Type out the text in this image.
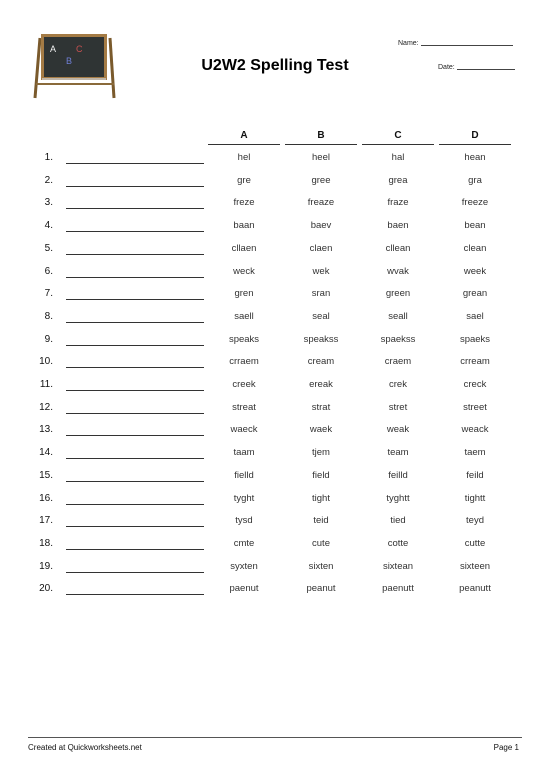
A
B
C
U2W2 Spelling Test
Name:
Date:
A	B	C	D
1.	hel	heel	hal	hean
2.	gre	gree	grea	gra
3.	freze	freaze	fraze	freeze
4.	baan	baev	baen	bean
5.	cllaen	claen	cllean	clean
6.	weck	wek	wvak	week
7.	gren	sran	green	grean
8.	saell	seal	seall	sael
9.	speaks	speakss	spaekss	spaeks
10.	crraem	cream	craem	crream
11.	creek	ereak	crek	creck
12.	streat	strat	stret	street
13.	waeck	waek	weak	weack
14.	taam	tjem	team	taem
15.	fielld	field	feilld	feild
16.	tyght	tight	tyghtt	tightt
17.	tysd	teid	tied	teyd
18.	cmte	cute	cotte	cutte
19.	syxten	sixten	sixtean	sixteen
20.	paenut	peanut	paenutt	peanutt
Created at Quickworksheets.net	Page 1
